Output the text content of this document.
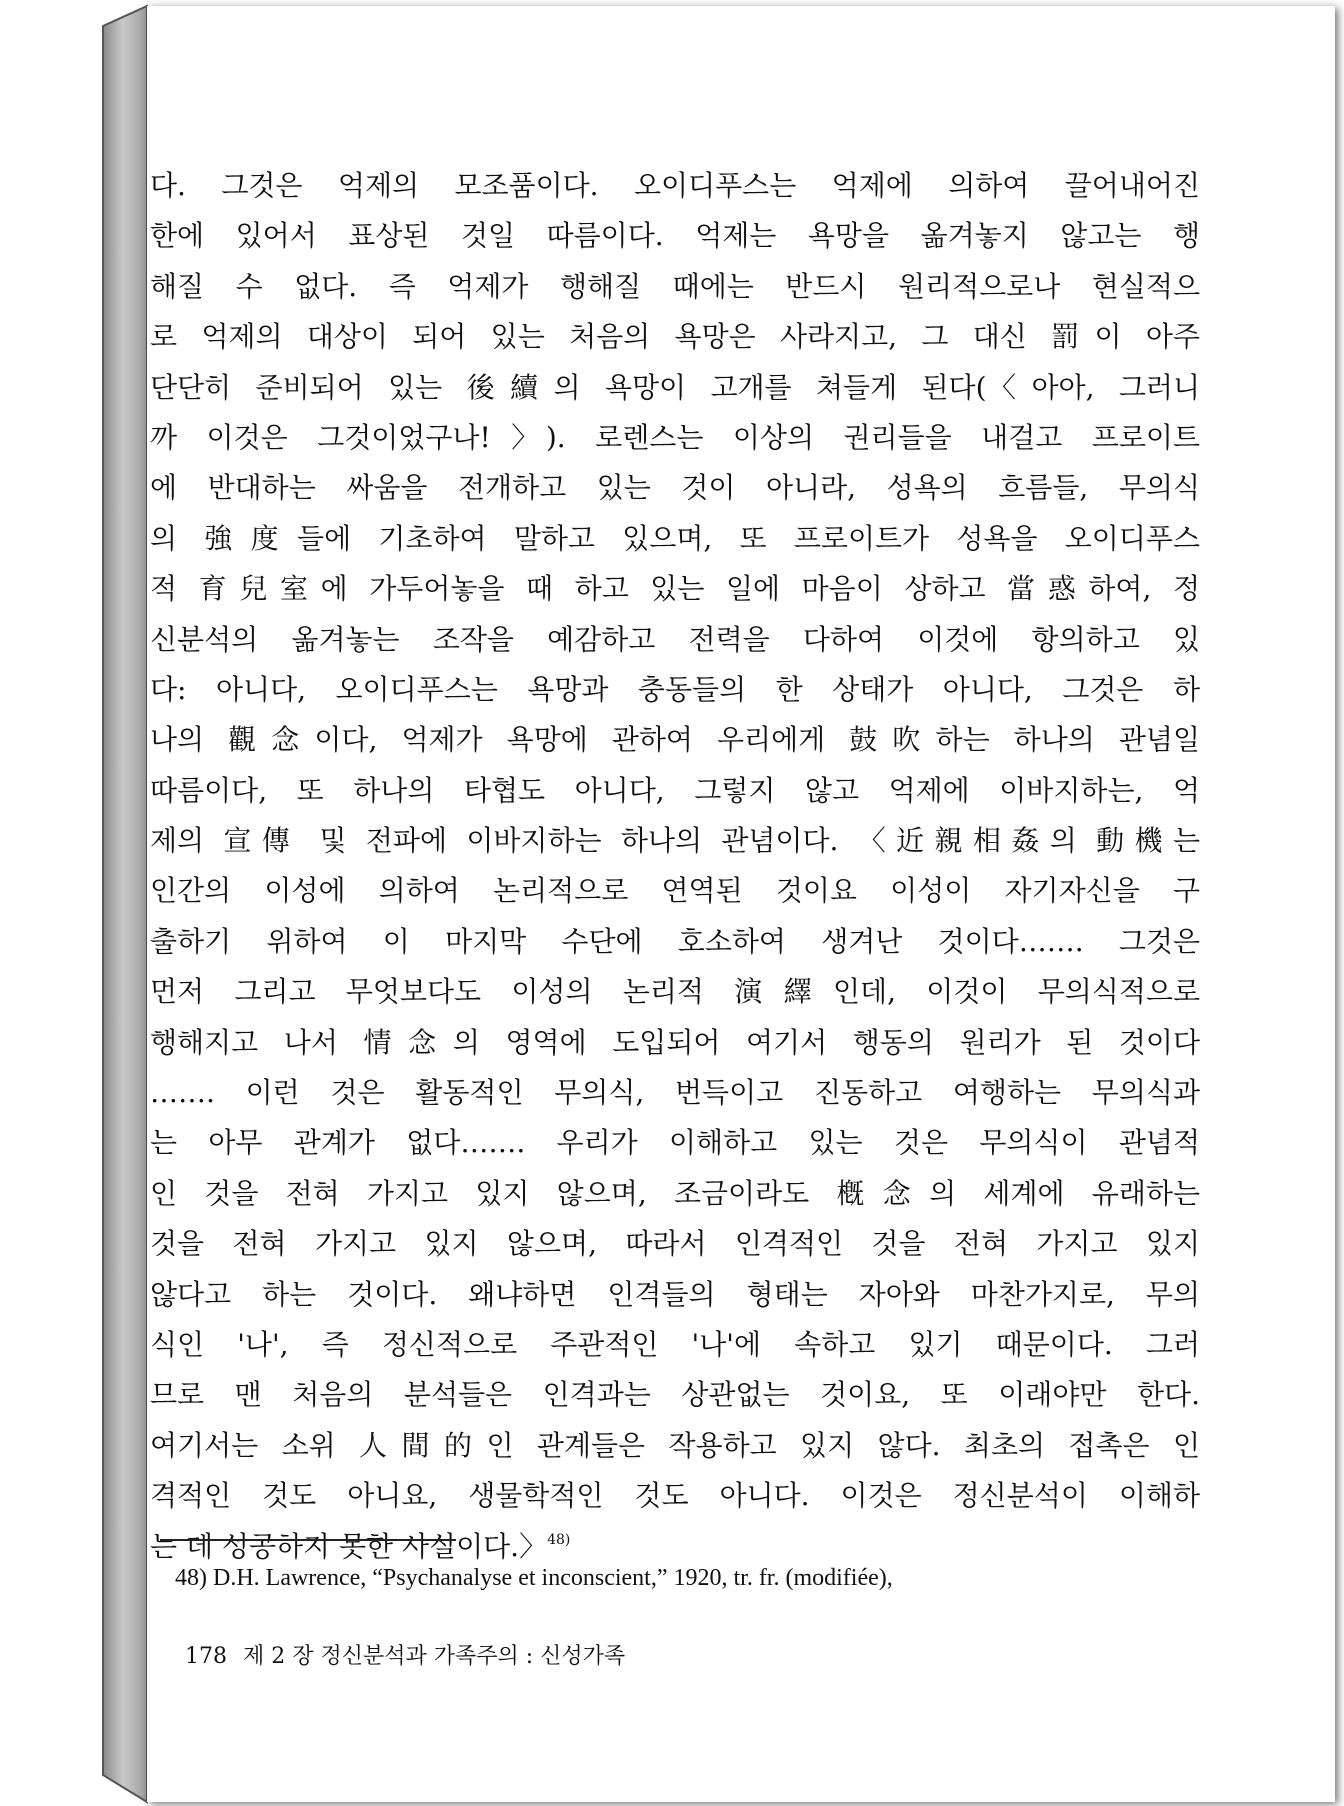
다. 그것은 억제의 모조품이다. 오이디푸스는 억제에 의하여 끌어내어진
한에 있어서 표상된 것일 따름이다. 억제는 욕망을 옮겨놓지 않고는 행
해질 수 없다. 즉 억제가 행해질 때에는 반드시 원리적으로나 현실적으
로 억제의 대상이 되어 있는 처음의 욕망은 사라지고, 그 대신 罰이 아주
단단히 준비되어 있는 後續의 욕망이 고개를 쳐들게 된다(〈아아, 그러니
까 이것은 그것이었구나!〉). 로렌스는 이상의 권리들을 내걸고 프로이트
에 반대하는 싸움을 전개하고 있는 것이 아니라, 성욕의 흐름들, 무의식
의 強度들에 기초하여 말하고 있으며, 또 프로이트가 성욕을 오이디푸스
적 育兒室에 가두어놓을 때 하고 있는 일에 마음이 상하고 當惑하여, 정
신분석의 옮겨놓는 조작을 예감하고 전력을 다하여 이것에 항의하고 있
다: 아니다, 오이디푸스는 욕망과 충동들의 한 상태가 아니다, 그것은 하
나의 觀念이다, 억제가 욕망에 관하여 우리에게 鼓吹하는 하나의 관념일
따름이다, 또 하나의 타협도 아니다, 그렇지 않고 억제에 이바지하는, 억
제의 宣傳 및 전파에 이바지하는 하나의 관념이다. 〈近親相姦의 動機는
인간의 이성에 의하여 논리적으로 연역된 것이요 이성이 자기자신을 구
출하기 위하여 이 마지막 수단에 호소하여 생겨난 것이다……. 그것은
먼저 그리고 무엇보다도 이성의 논리적 演繹인데, 이것이 무의식적으로
행해지고 나서 情念의 영역에 도입되어 여기서 행동의 원리가 된 것이다
……. 이런 것은 활동적인 무의식, 번득이고 진동하고 여행하는 무의식과
는 아무 관계가 없다……. 우리가 이해하고 있는 것은 무의식이 관념적
인 것을 전혀 가지고 있지 않으며, 조금이라도 槪念의 세계에 유래하는
것을 전혀 가지고 있지 않으며, 따라서 인격적인 것을 전혀 가지고 있지
않다고 하는 것이다. 왜냐하면 인격들의 형태는 자아와 마찬가지로, 무의
식인 '나', 즉 정신적으로 주관적인 '나'에 속하고 있기 때문이다. 그러
므로 맨 처음의 분석들은 인격과는 상관없는 것이요, 또 이래야만 한다.
여기서는 소위 人間的인 관계들은 작용하고 있지 않다. 최초의 접촉은 인
격적인 것도 아니요, 생물학적인 것도 아니다. 이것은 정신분석이 이해하
는 데 성공하지 못한 사실이다.〉$^{48)}$
48) D.H. Lawrence, “Psychanalyse et inconscient,” 1920, tr. fr. (modifiée),
178 제 2 장 정신분석과 가족주의 : 신성가족
